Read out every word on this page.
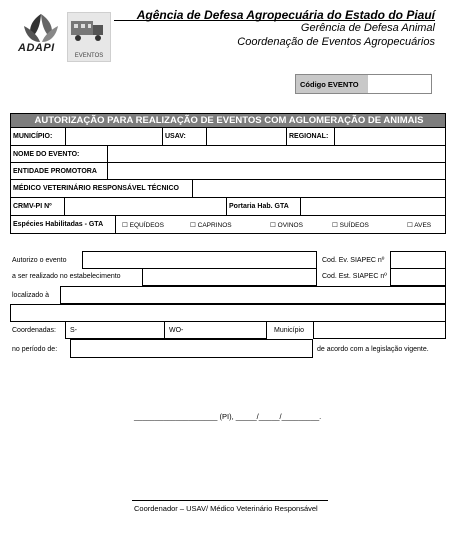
ADAPI
EVENTOS
Agência de Defesa Agropecuária do Estado do Piauí
Gerência de Defesa Animal
Coordenação de Eventos Agropecuários
Código EVENTO
AUTORIZAÇÃO PARA REALIZAÇÃO DE EVENTOS COM AGLOMERAÇÃO DE ANIMAIS
MUNICÍPIO:	USAV:	REGIONAL:
NOME DO EVENTO:
ENTIDADE PROMOTORA
MÉDICO VETERINÁRIO RESPONSÁVEL TÉCNICO
CRMV-PI Nº	Portaria Hab. GTA
Espécies Habilitadas - GTA	☐ EQUÍDEOS	☐ CAPRINOS	☐ OVINOS	☐ SUÍDEOS	☐ AVES
Autorizo o evento	Cod. Ev. SIAPEC nº
a ser realizado no estabelecimento	Cod. Est. SIAPEC nº
localizado à
Coordenadas: S-	WO-	Município
no período de:	de acordo com a legislação vigente.
____________________ (PI), _____/_____/_________.
Coordenador – USAV/ Médico Veterinário Responsável
